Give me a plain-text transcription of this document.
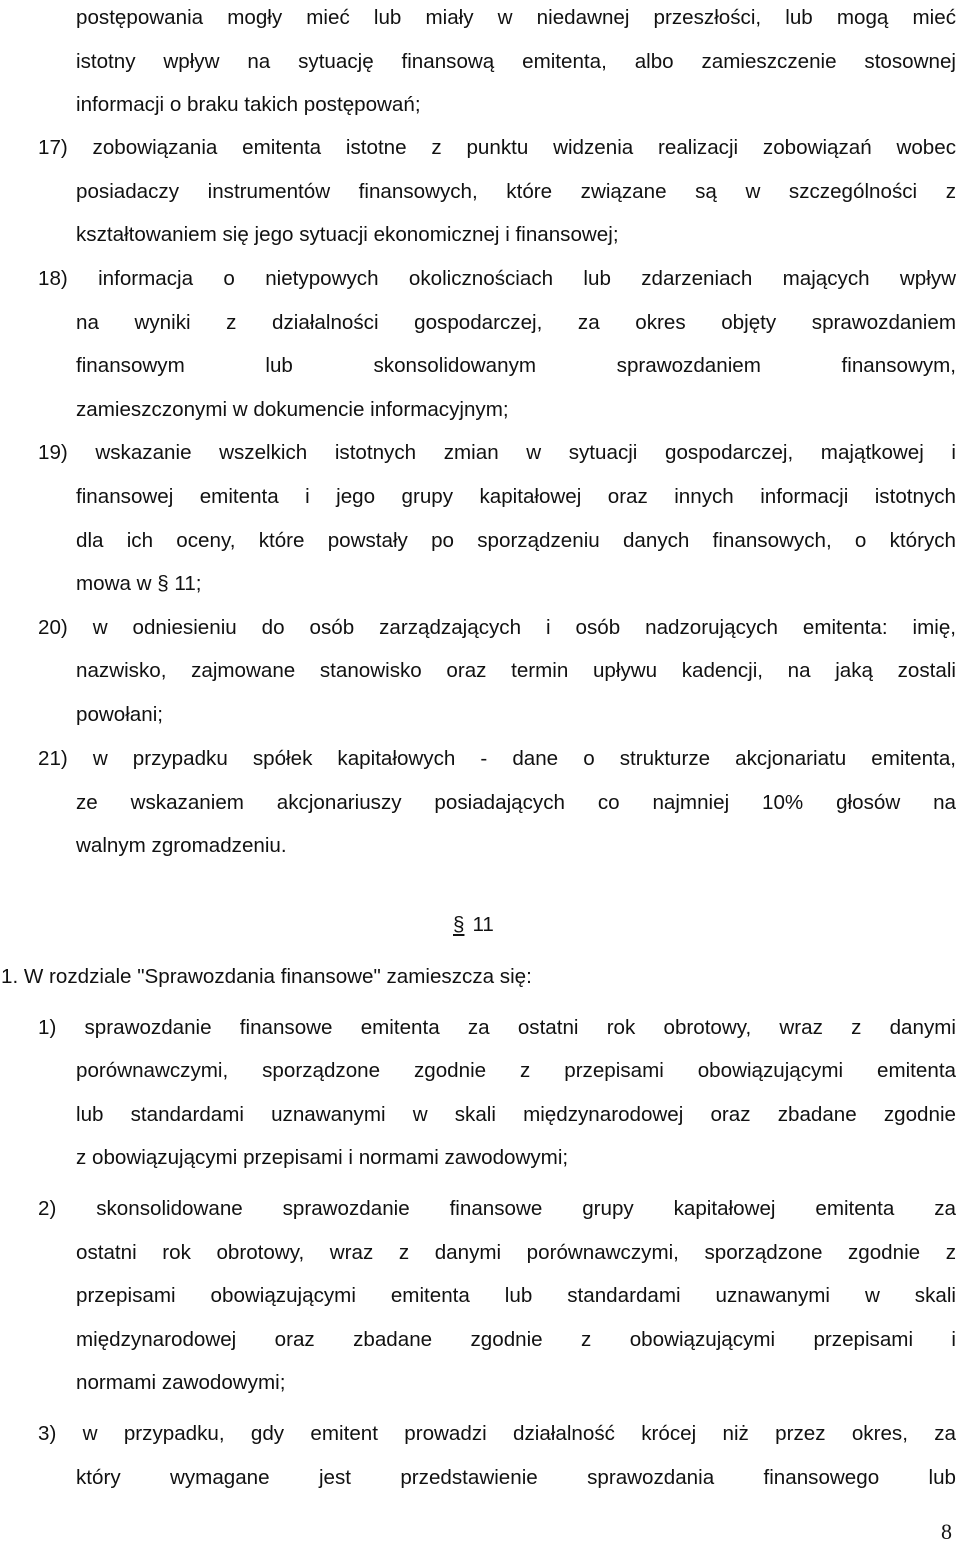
postępowania mogły mieć lub miały w niedawnej przeszłości, lub mogą mieć
istotny wpływ na sytuację finansową emitenta, albo zamieszczenie stosownej
informacji o braku takich postępowań;
17) zobowiązania emitenta istotne z punktu widzenia realizacji zobowiązań wobec
posiadaczy instrumentów finansowych, które związane są w szczególności z
kształtowaniem się jego sytuacji ekonomicznej i finansowej;
18) informacja o nietypowych okolicznościach lub zdarzeniach mających wpływ
na wyniki z działalności gospodarczej, za okres objęty sprawozdaniem
finansowym lub skonsolidowanym sprawozdaniem finansowym,
zamieszczonymi w dokumencie informacyjnym;
19) wskazanie wszelkich istotnych zmian w sytuacji gospodarczej, majątkowej i
finansowej emitenta i jego grupy kapitałowej oraz innych informacji istotnych
dla ich oceny, które powstały po sporządzeniu danych finansowych, o których
mowa w § 11;
20) w odniesieniu do osób zarządzających i osób nadzorujących emitenta: imię,
nazwisko, zajmowane stanowisko oraz termin upływu kadencji, na jaką zostali
powołani;
21) w przypadku spółek kapitałowych - dane o strukturze akcjonariatu emitenta,
ze wskazaniem akcjonariuszy posiadających co najmniej 10% głosów na
walnym zgromadzeniu.
1. W rozdziale "Sprawozdania finansowe" zamieszcza się:
1) sprawozdanie finansowe emitenta za ostatni rok obrotowy, wraz z danymi
porównawczymi, sporządzone zgodnie z przepisami obowiązującymi emitenta
lub standardami uznawanymi w skali międzynarodowej oraz zbadane zgodnie
z obowiązującymi przepisami i normami zawodowymi;
2) skonsolidowane sprawozdanie finansowe grupy kapitałowej emitenta za
ostatni rok obrotowy, wraz z danymi porównawczymi, sporządzone zgodnie z
przepisami obowiązującymi emitenta lub standardami uznawanymi w skali
międzynarodowej oraz zbadane zgodnie z obowiązującymi przepisami i
normami zawodowymi;
3) w przypadku, gdy emitent prowadzi działalność krócej niż przez okres, za
który wymagane jest przedstawienie sprawozdania finansowego lub
§ 11
8
